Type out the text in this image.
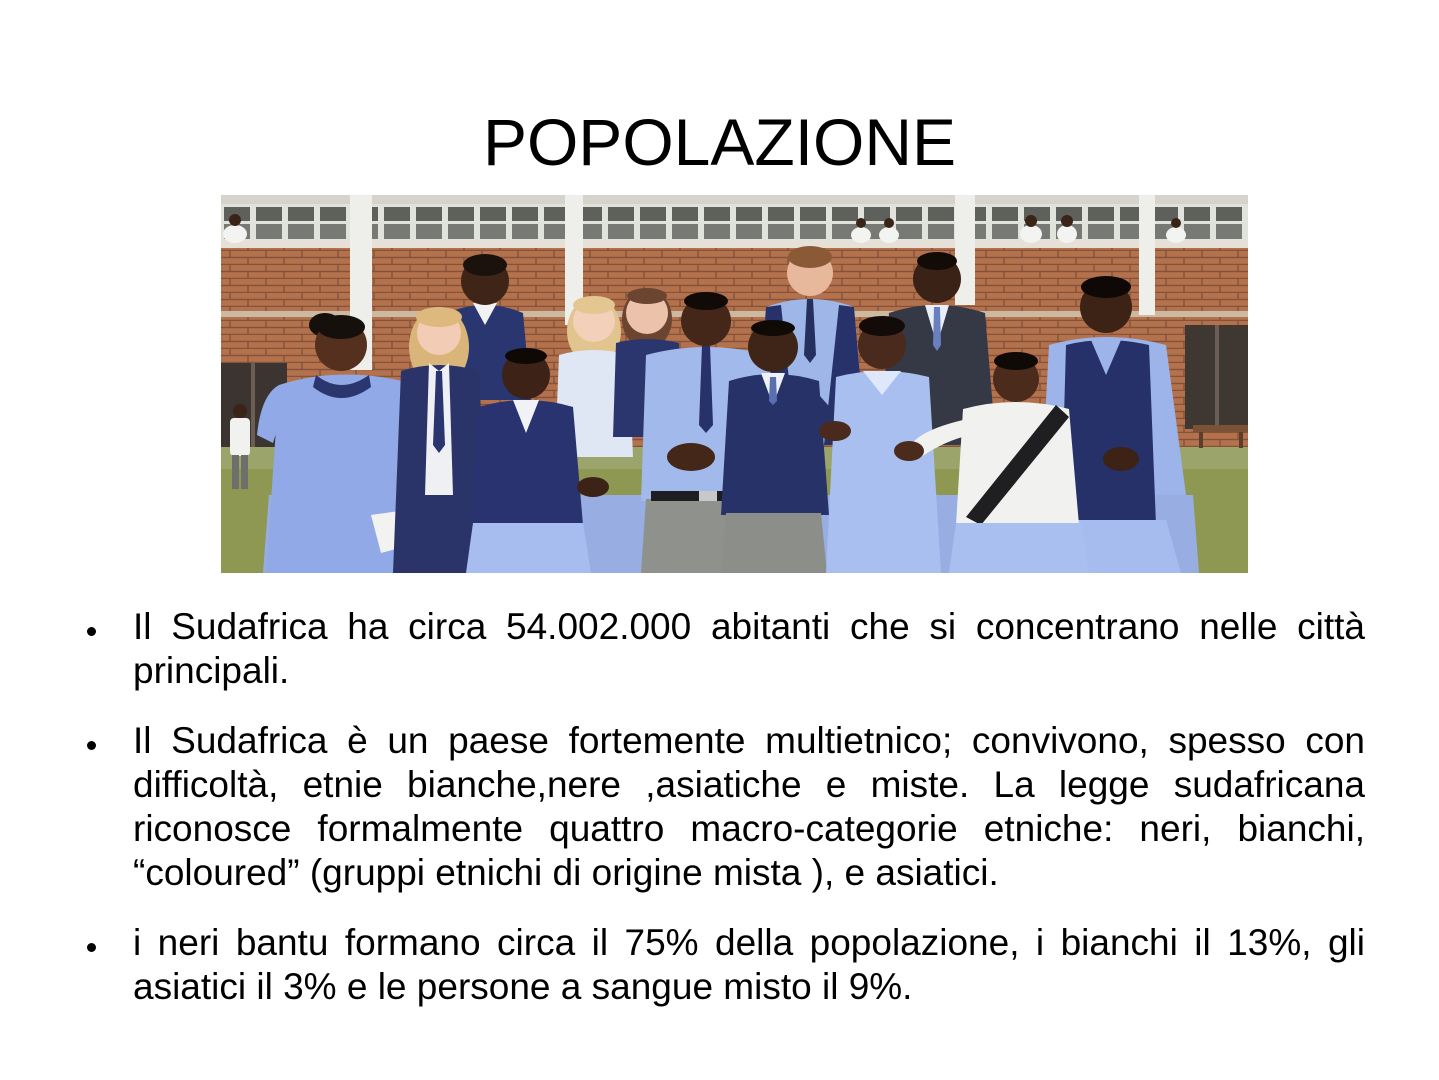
POPOLAZIONE
Il Sudafrica ha circa 54.002.000 abitanti che si concentrano nelle città principali.
Il Sudafrica è un paese fortemente multietnico; convivono, spesso con difficoltà, etnie bianche,nere ,asiatiche e miste. La legge sudafricana riconosce formalmente quattro macro-categorie etniche: neri, bianchi, “coloured” (gruppi etnichi di origine mista ), e asiatici.
i neri bantu formano circa il 75% della popolazione, i bianchi il 13%, gli asiatici il 3% e le persone a sangue misto il 9%.
